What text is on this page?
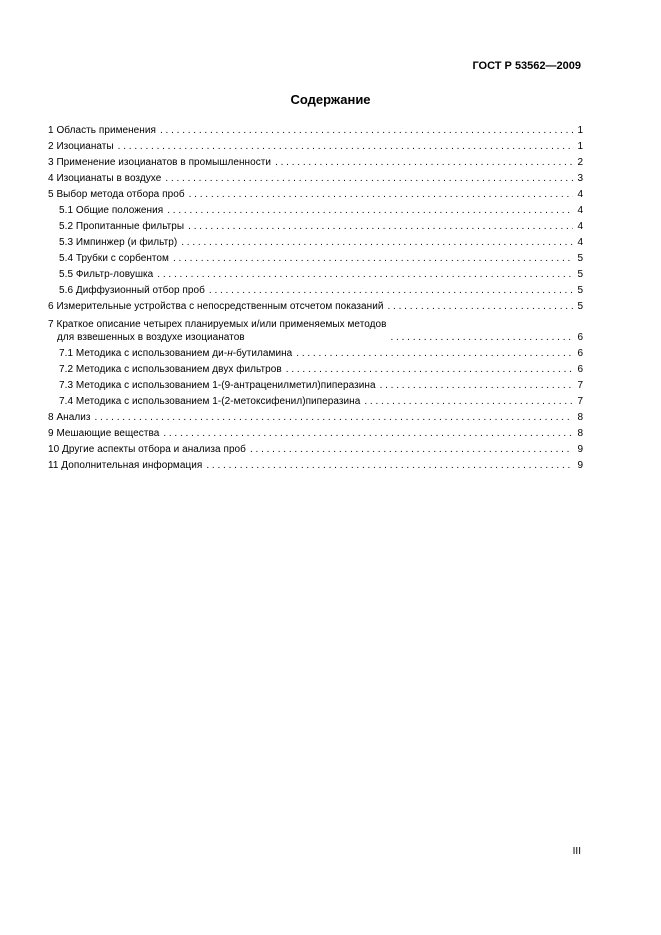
ГОСТ Р 53562—2009
Содержание
1 Область применения . . .	1
2 Изоцианаты . . .	1
3 Применение изоцианатов в промышленности . . .	2
4 Изоцианаты в воздухе . . .	3
5 Выбор метода отбора проб . . .	4
5.1 Общие положения . . .	4
5.2 Пропитанные фильтры . . .	4
5.3 Импинжер (и фильтр) . . .	4
5.4 Трубки с сорбентом . . .	5
5.5 Фильтр-ловушка . . .	5
5.6 Диффузионный отбор проб . . .	5
6 Измерительные устройства с непосредственным отсчетом показаний . . .	5
7 Краткое описание четырех планируемых и/или применяемых методов
для взвешенных в воздухе изоцианатов . . .	6
7.1 Методика с использованием ди-н-бутиламина . . .	6
7.2 Методика с использованием двух фильтров . . .	6
7.3 Методика с использованием 1-(9-антраценилметил)пиперазина . . .	7
7.4 Методика с использованием 1-(2-метоксифенил)пиперазина . . .	7
8 Анализ . . .	8
9 Мешающие вещества . . .	8
10 Другие аспекты отбора и анализа проб . . .	9
11 Дополнительная информация . . .	9
III
